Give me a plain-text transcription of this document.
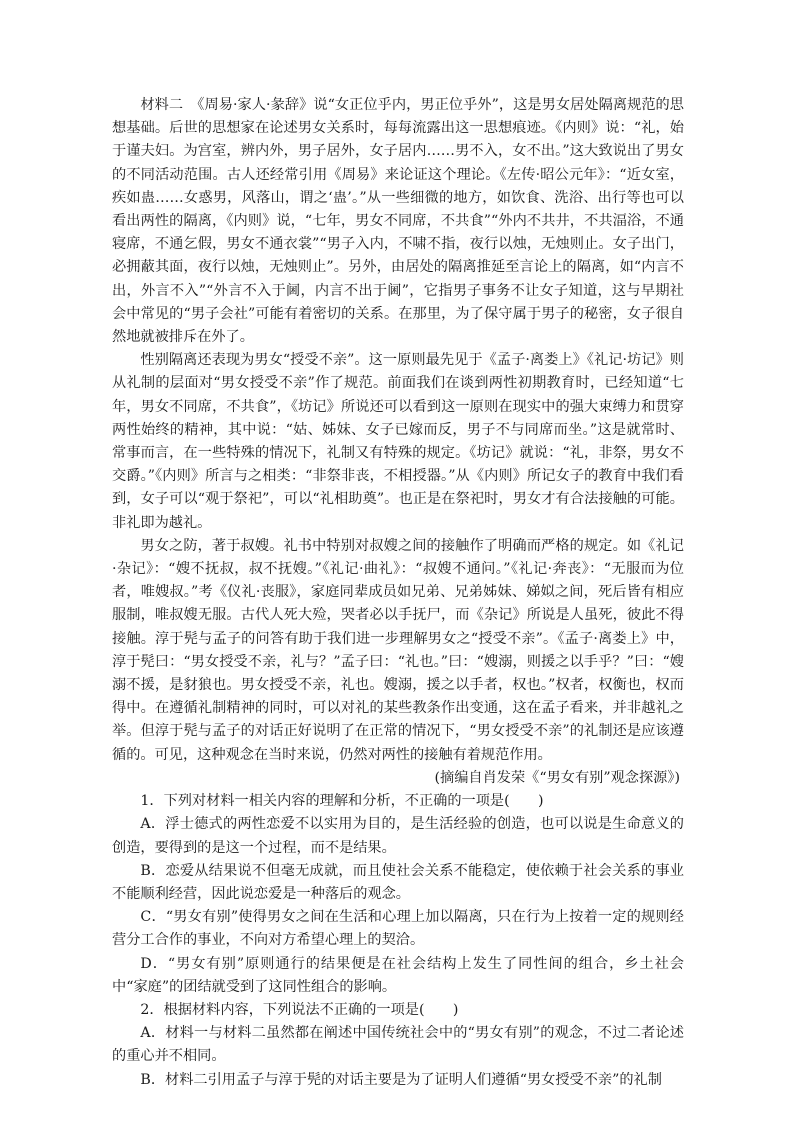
材料二　《周易·家人·彖辞》说“女正位乎内，男正位乎外”，这是男女居处隔离规范的思想基础。后世的思想家在论述男女关系时，每每流露出这一思想痕迹。《内则》说：“礼，始于谨夫妇。为宫室，辨内外，男子居外，女子居内……男不入，女不出。”这大致说出了男女的不同活动范围。古人还经常引用《周易》来论证这个理论。《左传·昭公元年》：“近女室，疾如蛊……女惑男，风落山，谓之‘蛊’。”从一些细微的地方，如饮食、洗浴、出行等也可以看出两性的隔离，《内则》说，“七年，男女不同席，不共食”“外内不共井，不共湢浴，不通寝席，不通乞假，男女不通衣裳”“男子入内，不啸不指，夜行以烛，无烛则止。女子出门，必拥蔽其面，夜行以烛，无烛则止”。另外，由居处的隔离推延至言论上的隔离，如“内言不出，外言不入”“外言不入于阃，内言不出于阃”，它指男子事务不让女子知道，这与早期社会中常见的“男子会社”可能有着密切的关系。在那里，为了保守属于男子的秘密，女子很自然地就被排斥在外了。

性别隔离还表现为男女“授受不亲”。这一原则最先见于《孟子·离娄上》《礼记·坊记》则从礼制的层面对“男女授受不亲”作了规范。前面我们在谈到两性初期教育时，已经知道“七年，男女不同席，不共食”，《坊记》所说还可以看到这一原则在现实中的强大束缚力和贯穿两性始终的精神，其中说：“姑、姊妹、女子已嫁而反，男子不与同席而坐。”这是就常时、常事而言，在一些特殊的情况下，礼制又有特殊的规定。《坊记》就说：“礼，非祭，男女不交爵。”《内则》所言与之相类：“非祭非丧，不相授器。”从《内则》所记女子的教育中我们看到，女子可以“观于祭祀”，可以“礼相助奠”。也正是在祭祀时，男女才有合法接触的可能。非礼即为越礼。

男女之防，著于叔嫂。礼书中特别对叔嫂之间的接触作了明确而严格的规定。如《礼记·杂记》：“嫂不抚叔，叔不抚嫂。”《礼记·曲礼》：“叔嫂不通问。”《礼记·奔丧》：“无服而为位者，唯嫂叔。”考《仪礼·丧服》，家庭同辈成员如兄弟、兄弟姊妹、娣姒之间，死后皆有相应服制，唯叔嫂无服。古代人死大殓，哭者必以手抚尸，而《杂记》所说是人虽死，彼此不得接触。淳于髡与孟子的问答有助于我们进一步理解男女之“授受不亲”。《孟子·离娄上》中，淳于髡曰：“男女授受不亲，礼与？”孟子曰：“礼也。”曰：“嫂溺，则援之以手乎？”曰：“嫂溺不援，是豺狼也。男女授受不亲，礼也。嫂溺，援之以手者，权也。”权者，权衡也，权而得中。在遵循礼制精神的同时，可以对礼的某些教条作出变通，这在孟子看来，并非越礼之举。但淳于髡与孟子的对话正好说明了在正常的情况下，“男女授受不亲”的礼制还是应该遵循的。可见，这种观念在当时来说，仍然对两性的接触有着规范作用。

(摘编自肖发荣《“男女有别”观念探源》)

1．下列对材料一相关内容的理解和分析，不正确的一项是(　　)

A．浮士德式的两性恋爱不以实用为目的，是生活经验的创造，也可以说是生命意义的创造，要得到的是这一个过程，而不是结果。

B．恋爱从结果说不但毫无成就，而且使社会关系不能稳定，使依赖于社会关系的事业不能顺利经营，因此说恋爱是一种落后的观念。

C．“男女有别”使得男女之间在生活和心理上加以隔离，只在行为上按着一定的规则经营分工合作的事业，不向对方希望心理上的契洽。

D．“男女有别”原则通行的结果便是在社会结构上发生了同性间的组合，乡土社会中“家庭”的团结就受到了这同性组合的影响。

2．根据材料内容，下列说法不正确的一项是(　　)

A．材料一与材料二虽然都在阐述中国传统社会中的“男女有别”的观念，不过二者论述的重心并不相同。

B．材料二引用孟子与淳于髡的对话主要是为了证明人们遵循“男女授受不亲”的礼制
